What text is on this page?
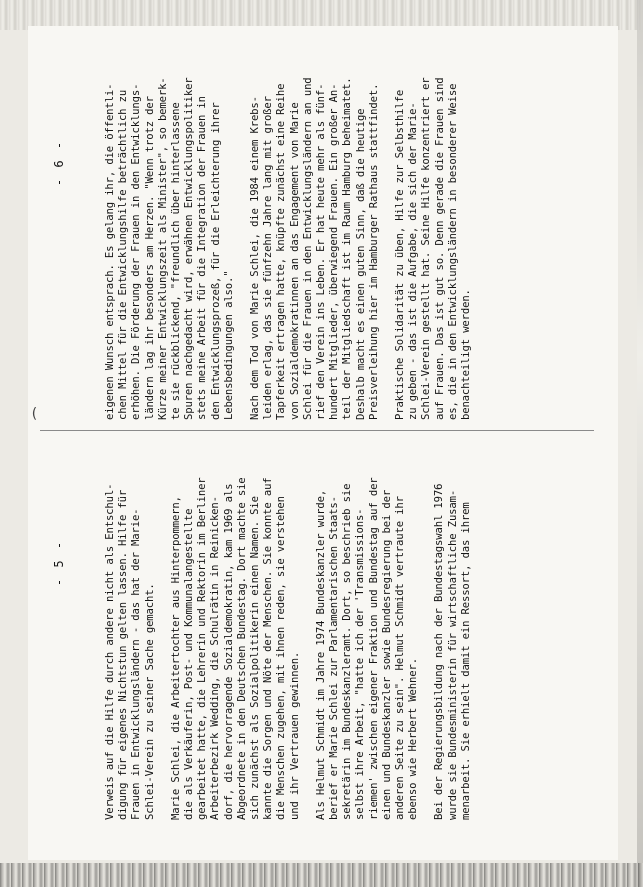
(
- 6 -

eigenen Wunsch entsprach. Es gelang ihr, die öffentli-
chen Mittel für die Entwicklungshilfe beträchtlich zu
erhöhen. Die Förderung der Frauen in den Entwicklungs-
ländern lag ihr besonders am Herzen. "Wenn trotz der
Kürze meiner Entwicklungszeit als Minister", so bemerk-
te sie rückblickend, "freundlich über hinterlassene
Spuren nachgedacht wird, erwähnen Entwicklungspolitiker
stets meine Arbeit für die Integration der Frauen in
den Entwicklungsprozeß, für die Erleichterung ihrer
Lebensbedingungen also."

Nach dem Tod von Marie Schlei, die 1984 einem Krebs-
leiden erlag, das sie fünfzehn Jahre lang mit großer
Tapferkeit ertragen hatte, knüpfte zunächst eine Reihe
von Sozialdemokratinnen an das Engagement von Marie
Schlei für die Frauen in den Entwicklungsländern an und
rief den Verein ins Leben. Er hat heute mehr als fünf-
hundert Mitglieder, überwiegend Frauen. Ein großer An-
teil der Mitgliedschaft ist im Raum Hamburg beheimatet.
Deshalb macht es einen guten Sinn, daß die heutige
Preisverleihung hier im Hamburger Rathaus stattfindet.

Praktische Solidarität zu üben, Hilfe zur Selbsthilfe
zu geben - das ist die Aufgabe, die sich der Marie-
Schlei-Verein gestellt hat. Seine Hilfe konzentriert er
auf Frauen. Das ist gut so. Denn gerade die Frauen sind
es, die in den Entwicklungsländern in besonderer Weise
benachteiligt werden.

- 5 -

Verweis auf die Hilfe durch andere nicht als Entschul-
digung für eigenes Nichtstun gelten lassen. Hilfe für
Frauen in Entwicklungsländern - das hat der Marie-
Schlei-Verein zu seiner Sache gemacht.

Marie Schlei, die Arbeitertochter aus Hinterpommern,
die als Verkäuferin, Post- und Kommunalangestellte
gearbeitet hatte, die Lehrerin und Rektorin im Berliner
Arbeiterbezirk Wedding, die Schulrätin in Reinicken-
dorf, die hervorragende Sozialdemokratin, kam 1969 als
Abgeordnete in den Deutschen Bundestag. Dort machte sie
sich zunächst als Sozialpolitikerin einen Namen. Sie
kannte die Sorgen und Nöte der Menschen. Sie konnte auf
die Menschen zugehen, mit ihnen reden, sie verstehen
und ihr Vertrauen gewinnen.

Als Helmut Schmidt im Jahre 1974 Bundeskanzler wurde,
berief er Marie Schlei zur Parlamentarischen Staats-
sekretärin im Bundeskanzleramt. Dort, so beschrieb sie
selbst ihre Arbeit, "hatte ich der 'Transmissions-
riemen' zwischen eigener Fraktion und Bundestag auf der
einen und Bundeskanzler sowie Bundesregierung bei der
anderen Seite zu sein". Helmut Schmidt vertraute ihr
ebenso wie Herbert Wehner.

Bei der Regierungsbildung nach der Bundestagswahl 1976
wurde sie Bundesministerin für wirtschaftliche Zusam-
menarbeit. Sie erhielt damit ein Ressort, das ihrem
